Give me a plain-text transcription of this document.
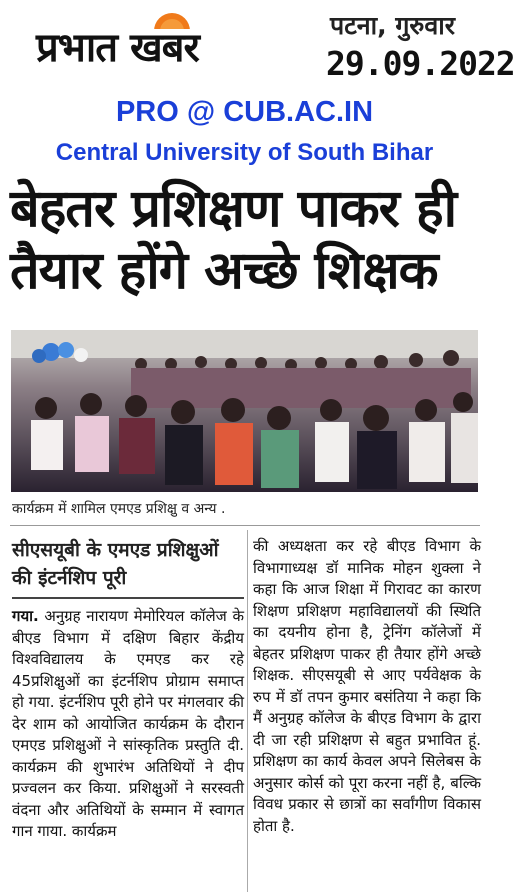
प्रभात खबर	पटना, गुरुवार
29.09.2022
PRO @ CUB.AC.IN
Central University of South Bihar
बेहतर प्रशिक्षण पाकर ही
तैयार होंगे अच्छे शिक्षक
कार्यक्रम में शामिल एमएड प्रशिक्षु व अन्य .
सीएसयूबी के एमएड प्रशिक्षुओं की इंटर्नशिप पूरी
गया. अनुग्रह नारायण मेमोरियल कॉलेज के बीएड विभाग में दक्षिण बिहार केंद्रीय विश्वविद्यालय के एमएड कर रहे 45प्रशिक्षुओं का इंटर्नशिप प्रोग्राम समाप्त हो गया. इंटर्नशिप पूरी होने पर मंगलवार की देर शाम को आयोजित कार्यक्रम के दौरान एमएड प्रशिक्षुओं ने सांस्कृतिक प्रस्तुति दी. कार्यक्रम की शुभारंभ अतिथियों ने दीप प्रज्वलन कर किया. प्रशिक्षुओं ने सरस्वती वंदना और अतिथियों के सम्मान में स्वागत गान गाया. कार्यक्रम
की अध्यक्षता कर रहे बीएड विभाग के विभागाध्यक्ष डॉ मानिक मोहन शुक्ला ने कहा कि आज शिक्षा में गिरावट का कारण शिक्षण प्रशिक्षण महाविद्यालयों की स्थिति का दयनीय होना है, ट्रेनिंग कॉलेजों में बेहतर प्रशिक्षण पाकर ही तैयार होंगे अच्छे शिक्षक. सीएसयूबी से आए पर्यवेक्षक के रुप में डॉ तपन कुमार बसंतिया ने कहा कि मैं अनुग्रह कॉलेज के बीएड विभाग के द्वारा दी जा रही प्रशिक्षण से बहुत प्रभावित हूं. प्रशिक्षण का कार्य केवल अपने सिलेबस के अनुसार कोर्स को पूरा करना नहीं है, बल्कि विवध प्रकार से छात्रों का सर्वांगीण विकास होता है.
